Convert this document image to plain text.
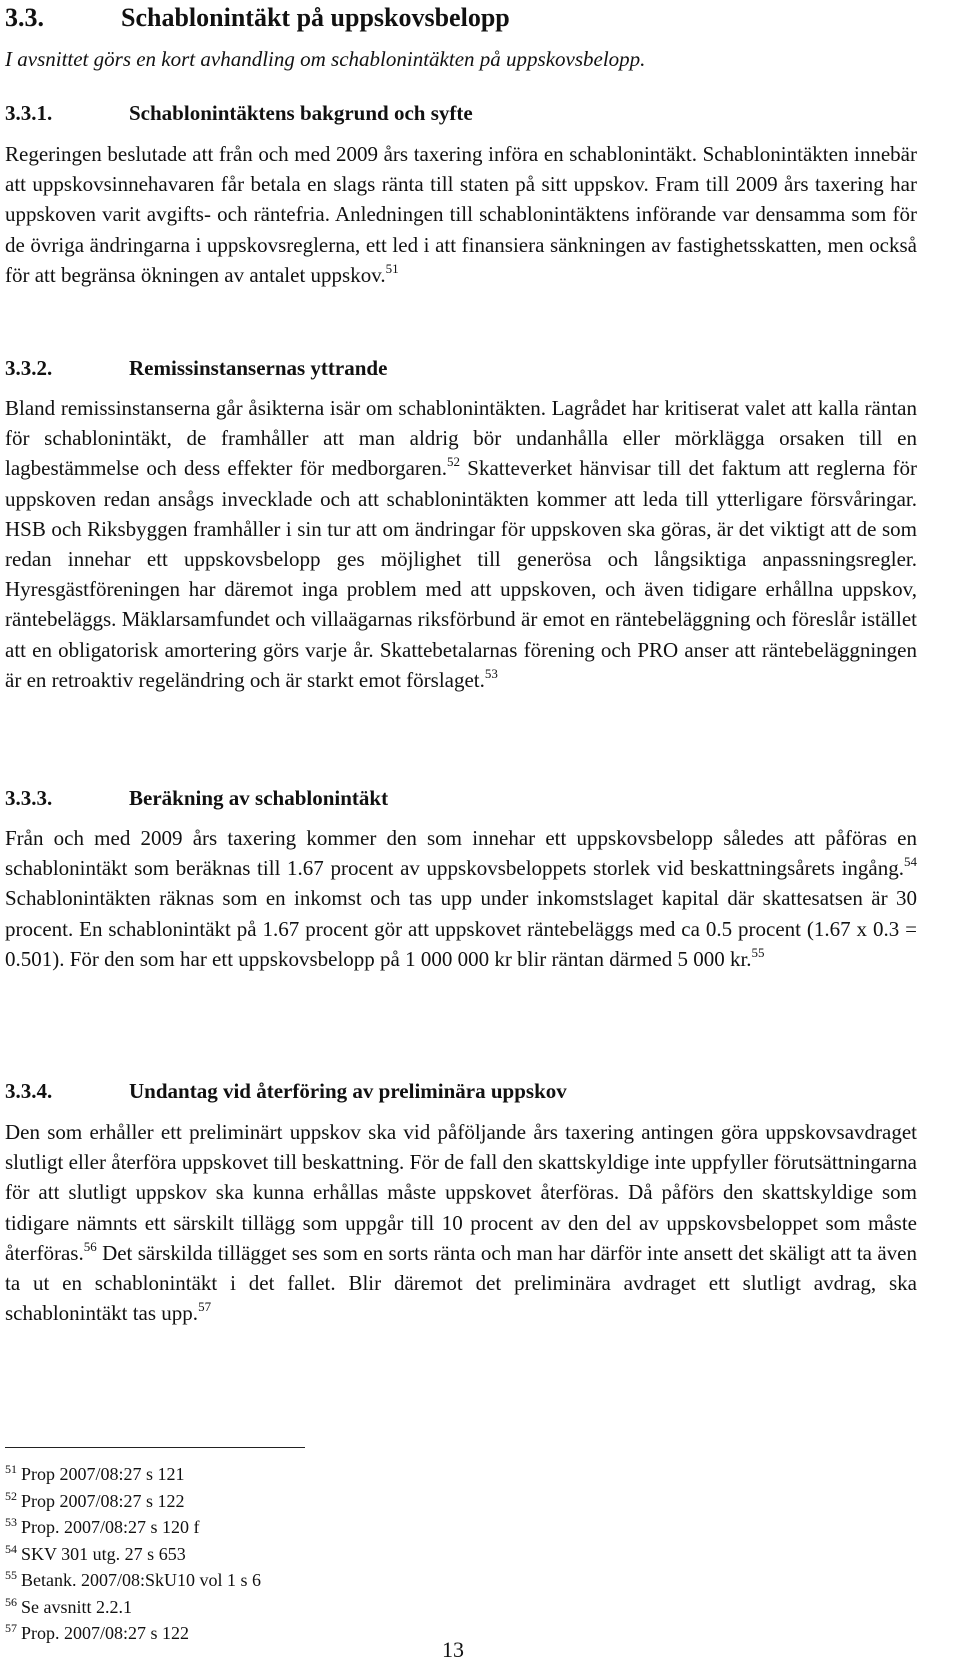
3.3.	Schablonintäkt på uppskovsbelopp
I avsnittet görs en kort avhandling om schablonintäkten på uppskovsbelopp.
3.3.1.	Schablonintäktens bakgrund och syfte

Regeringen beslutade att från och med 2009 års taxering införa en schablonintäkt. Schablonintäkten innebär att uppskovsinnehavaren får betala en slags ränta till staten på sitt uppskov. Fram till 2009 års taxering har uppskoven varit avgifts- och räntefria. Anledningen till schablonintäktens införande var densamma som för de övriga ändringarna i uppskovsreglerna, ett led i att finansiera sänkningen av fastighetsskatten, men också för att begränsa ökningen av antalet uppskov.$^{51}$

3.3.2.	Remissinstansernas yttrande

Bland remissinstanserna går åsikterna isär om schablonintäkten. Lagrådet har kritiserat valet att kalla räntan för schablonintäkt, de framhåller att man aldrig bör undanhålla eller mörklägga orsaken till en lagbestämmelse och dess effekter för medborgaren.$^{52}$ Skatteverket hänvisar till det faktum att reglerna för uppskoven redan ansågs invecklade och att schablonintäkten kommer att leda till ytterligare försvåringar. HSB och Riksbyggen framhåller i sin tur att om ändringar för uppskoven ska göras, är det viktigt att de som redan innehar ett uppskovsbelopp ges möjlighet till generösa och långsiktiga anpassningsregler. Hyresgästföreningen har däremot inga problem med att uppskoven, och även tidigare erhållna uppskov, räntebeläggs. Mäklarsamfundet och villaägarnas riksförbund är emot en räntebeläggning och föreslår istället att en obligatorisk amortering görs varje år. Skattebetalarnas förening och PRO anser att räntebeläggningen är en retroaktiv regeländring och är starkt emot förslaget.$^{53}$

3.3.3.	Beräkning av schablonintäkt

Från och med 2009 års taxering kommer den som innehar ett uppskovsbelopp således att påföras en schablonintäkt som beräknas till 1.67 procent av uppskovsbeloppets storlek vid beskattningsårets ingång.$^{54}$ Schablonintäkten räknas som en inkomst och tas upp under inkomstslaget kapital där skattesatsen är 30 procent. En schablonintäkt på 1.67 procent gör att uppskovet räntebeläggs med ca 0.5 procent (1.67 x 0.3 = 0.501). För den som har ett uppskovsbelopp på 1 000 000 kr blir räntan därmed 5 000 kr.$^{55}$

3.3.4.	Undantag vid återföring av preliminära uppskov

Den som erhåller ett preliminärt uppskov ska vid påföljande års taxering antingen göra uppskovsavdraget slutligt eller återföra uppskovet till beskattning. För de fall den skattskyldige inte uppfyller förutsättningarna för att slutligt uppskov ska kunna erhållas måste uppskovet återföras. Då påförs den skattskyldige som tidigare nämnts ett särskilt tillägg som uppgår till 10 procent av den del av uppskovsbeloppet som måste återföras.$^{56}$ Det särskilda tillägget ses som en sorts ränta och man har därför inte ansett det skäligt att ta även ta ut en schablonintäkt i det fallet. Blir däremot det preliminära avdraget ett slutligt avdrag, ska schablonintäkt tas upp.$^{57}$

$^{51}$ Prop 2007/08:27 s 121
$^{52}$ Prop 2007/08:27 s 122
$^{53}$ Prop. 2007/08:27 s 120 f
$^{54}$ SKV 301 utg. 27 s 653
$^{55}$ Betank. 2007/08:SkU10 vol 1 s 6
$^{56}$ Se avsnitt 2.2.1
$^{57}$ Prop. 2007/08:27 s 122
13
